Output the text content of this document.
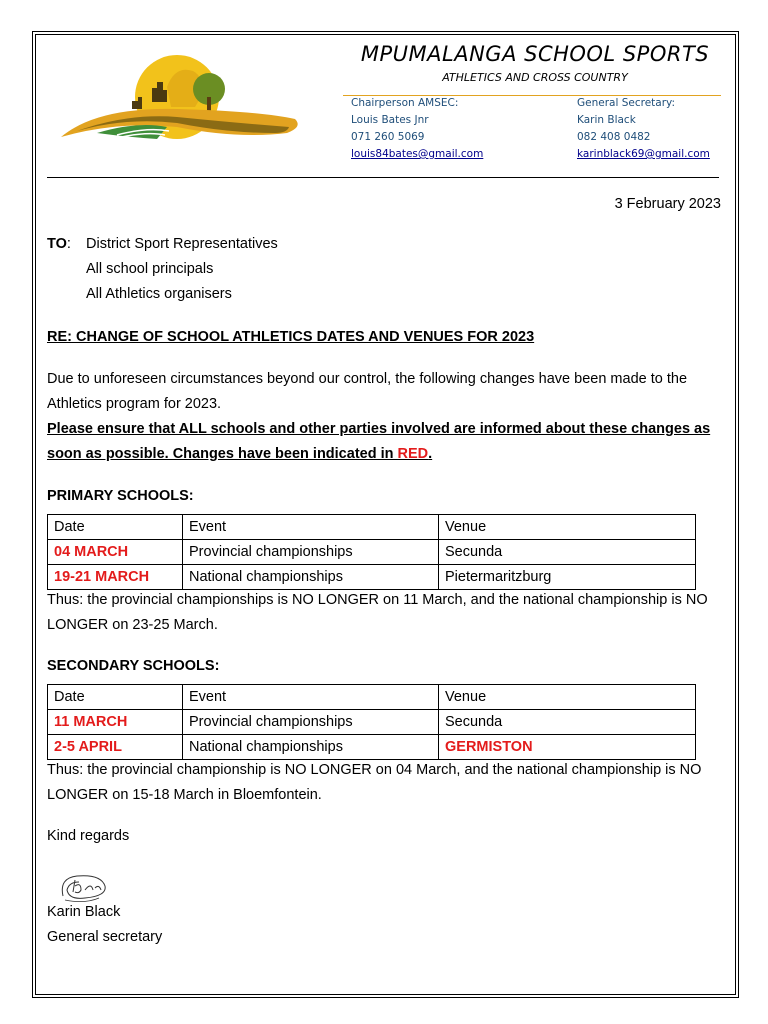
MPUMALANGA SCHOOL SPORTS
ATHLETICS AND CROSS COUNTRY
Chairperson AMSEC:
Louis Bates Jnr
071 260 5069
louis84bates@gmail.com
General Secretary:
Karin Black
082 408 0482
karinblack69@gmail.com
3 February 2023
TO: District Sport Representatives
All school principals
All Athletics organisers
RE: CHANGE OF SCHOOL ATHLETICS DATES AND VENUES FOR 2023
Due to unforeseen circumstances beyond our control, the following changes have been made to the Athletics program for 2023.
Please ensure that ALL schools and other parties involved are informed about these changes as soon as possible. Changes have been indicated in RED.
PRIMARY SCHOOLS:
Date	Event	Venue
04 MARCH	Provincial championships	Secunda
19-21 MARCH	National championships	Pietermaritzburg
Thus: the provincial championships is NO LONGER on 11 March, and the national championship is NO LONGER on 23-25 March.
SECONDARY SCHOOLS:
Date	Event	Venue
11 MARCH	Provincial championships	Secunda
2-5 APRIL	National championships	GERMISTON
Thus: the provincial championship is NO LONGER on 04 March, and the national championship is NO LONGER on 15-18 March in Bloemfontein.
Kind regards
Karin Black
General secretary
